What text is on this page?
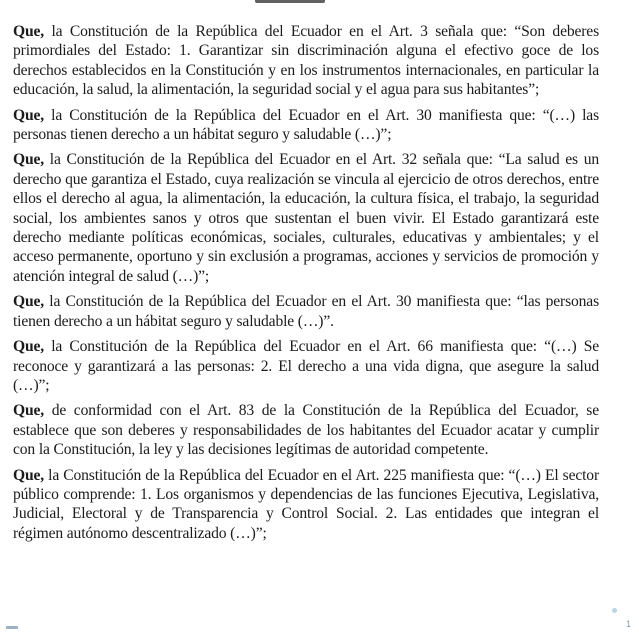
Que, la Constitución de la República del Ecuador en el Art. 3 señala que: “Son deberes primordiales del Estado: 1. Garantizar sin discriminación alguna el efectivo goce de los derechos establecidos en la Constitución y en los instrumentos internacionales, en particular la educación, la salud, la alimentación, la seguridad social y el agua para sus habitantes”;

Que, la Constitución de la República del Ecuador en el Art. 30 manifiesta que: “(…) las personas tienen derecho a un hábitat seguro y saludable (…)”;

Que, la Constitución de la República del Ecuador en el Art. 32 señala que: “La salud es un derecho que garantiza el Estado, cuya realización se vincula al ejercicio de otros derechos, entre ellos el derecho al agua, la alimentación, la educación, la cultura física, el trabajo, la seguridad social, los ambientes sanos y otros que sustentan el buen vivir. El Estado garantizará este derecho mediante políticas económicas, sociales, culturales, educativas y ambientales; y el acceso permanente, oportuno y sin exclusión a programas, acciones y servicios de promoción y atención integral de salud (…)”;

Que, la Constitución de la República del Ecuador en el Art. 30 manifiesta que: “las personas tienen derecho a un hábitat seguro y saludable (…)”.

Que, la Constitución de la República del Ecuador en el Art. 66 manifiesta que: “(…) Se reconoce y garantizará a las personas: 2. El derecho a una vida digna, que asegure la salud (…)”;

Que, de conformidad con el Art. 83 de la Constitución de la República del Ecuador, se establece que son deberes y responsabilidades de los habitantes del Ecuador acatar y cumplir con la Constitución, la ley y las decisiones legítimas de autoridad competente.

Que, la Constitución de la República del Ecuador en el Art. 225 manifiesta que: “(…) El sector público comprende: 1. Los organismos y dependencias de las funciones Ejecutiva, Legislativa, Judicial, Electoral y de Transparencia y Control Social. 2. Las entidades que integran el régimen autónomo descentralizado (…)”;

1
